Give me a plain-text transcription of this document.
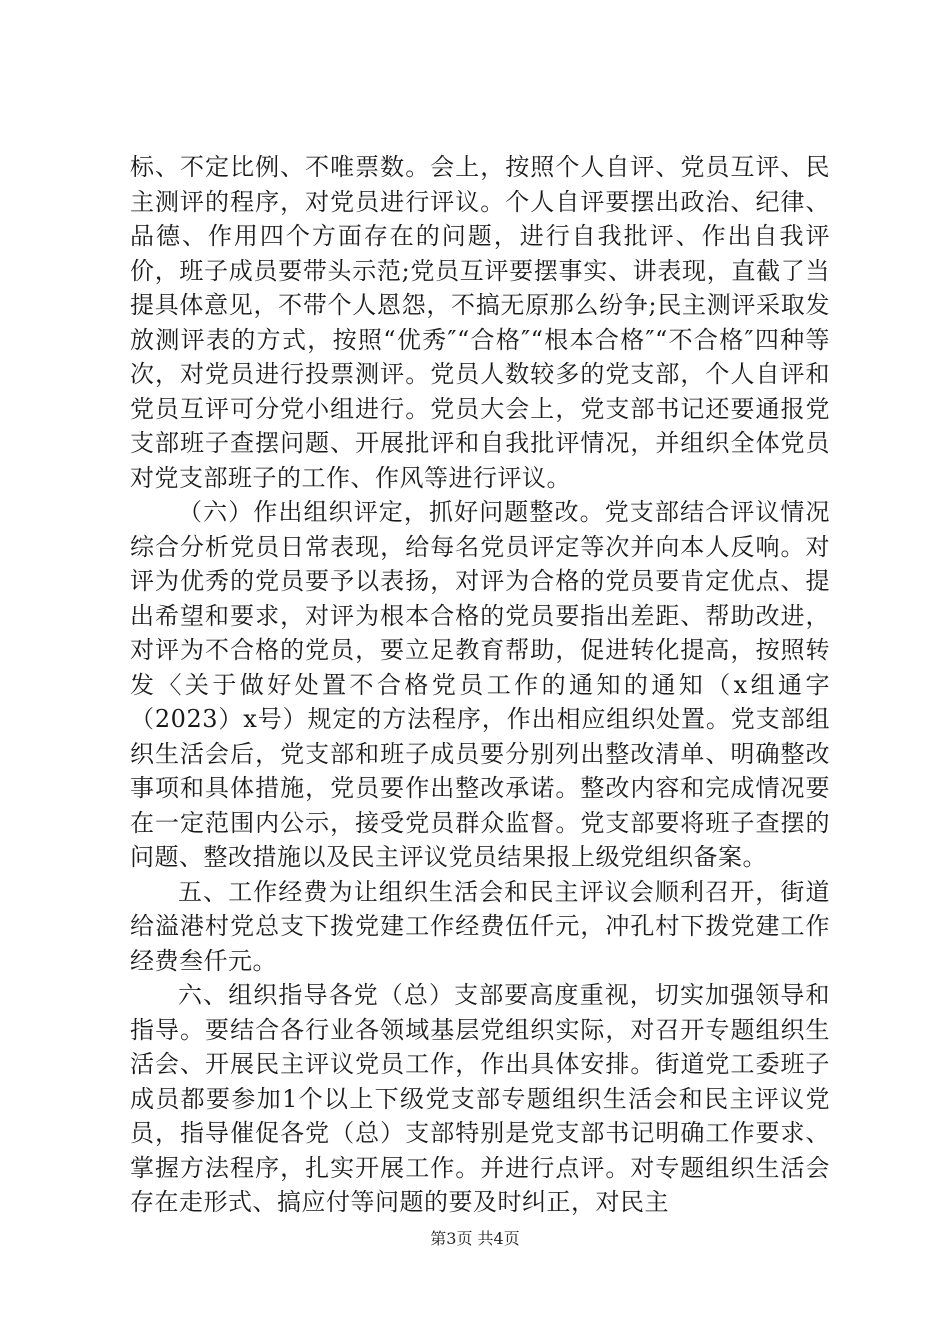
标、不定比例、不唯票数。会上，按照个人自评、党员互评、民主测评的程序，对党员进行评议。个人自评要摆出政治、纪律、品德、作用四个方面存在的问题，进行自我批评、作出自我评价，班子成员要带头示范;党员互评要摆事实、讲表现，直截了当提具体意见，不带个人恩怨，不搞无原那么纷争;民主测评采取发放测评表的方式，按照“优秀″“合格″“根本合格″“不合格″四种等次，对党员进行投票测评。党员人数较多的党支部，个人自评和党员互评可分党小组进行。党员大会上，党支部书记还要通报党支部班子查摆问题、开展批评和自我批评情况，并组织全体党员对党支部班子的工作、作风等进行评议。

（六）作出组织评定，抓好问题整改。党支部结合评议情况综合分析党员日常表现，给每名党员评定等次并向本人反响。对评为优秀的党员要予以表扬，对评为合格的党员要肯定优点、提出希望和要求，对评为根本合格的党员要指出差距、帮助改进，对评为不合格的党员，要立足教育帮助，促进转化提高，按照转发〈关于做好处置不合格党员工作的通知的通知（x组通字（2023）x号）规定的方法程序，作出相应组织处置。党支部组织生活会后，党支部和班子成员要分别列出整改清单、明确整改事项和具体措施，党员要作出整改承诺。整改内容和完成情况要在一定范围内公示，接受党员群众监督。党支部要将班子查摆的问题、整改措施以及民主评议党员结果报上级党组织备案。

五、工作经费为让组织生活会和民主评议会顺利召开，街道给溢港村党总支下拨党建工作经费伍仟元，冲孔村下拨党建工作经费叁仟元。

六、组织指导各党（总）支部要高度重视，切实加强领导和指导。要结合各行业各领域基层党组织实际，对召开专题组织生活会、开展民主评议党员工作，作出具体安排。街道党工委班子成员都要参加1个以上下级党支部专题组织生活会和民主评议党员，指导催促各党（总）支部特别是党支部书记明确工作要求、掌握方法程序，扎实开展工作。并进行点评。对专题组织生活会存在走形式、搞应付等问题的要及时纠正，对民主

第3页 共4页
